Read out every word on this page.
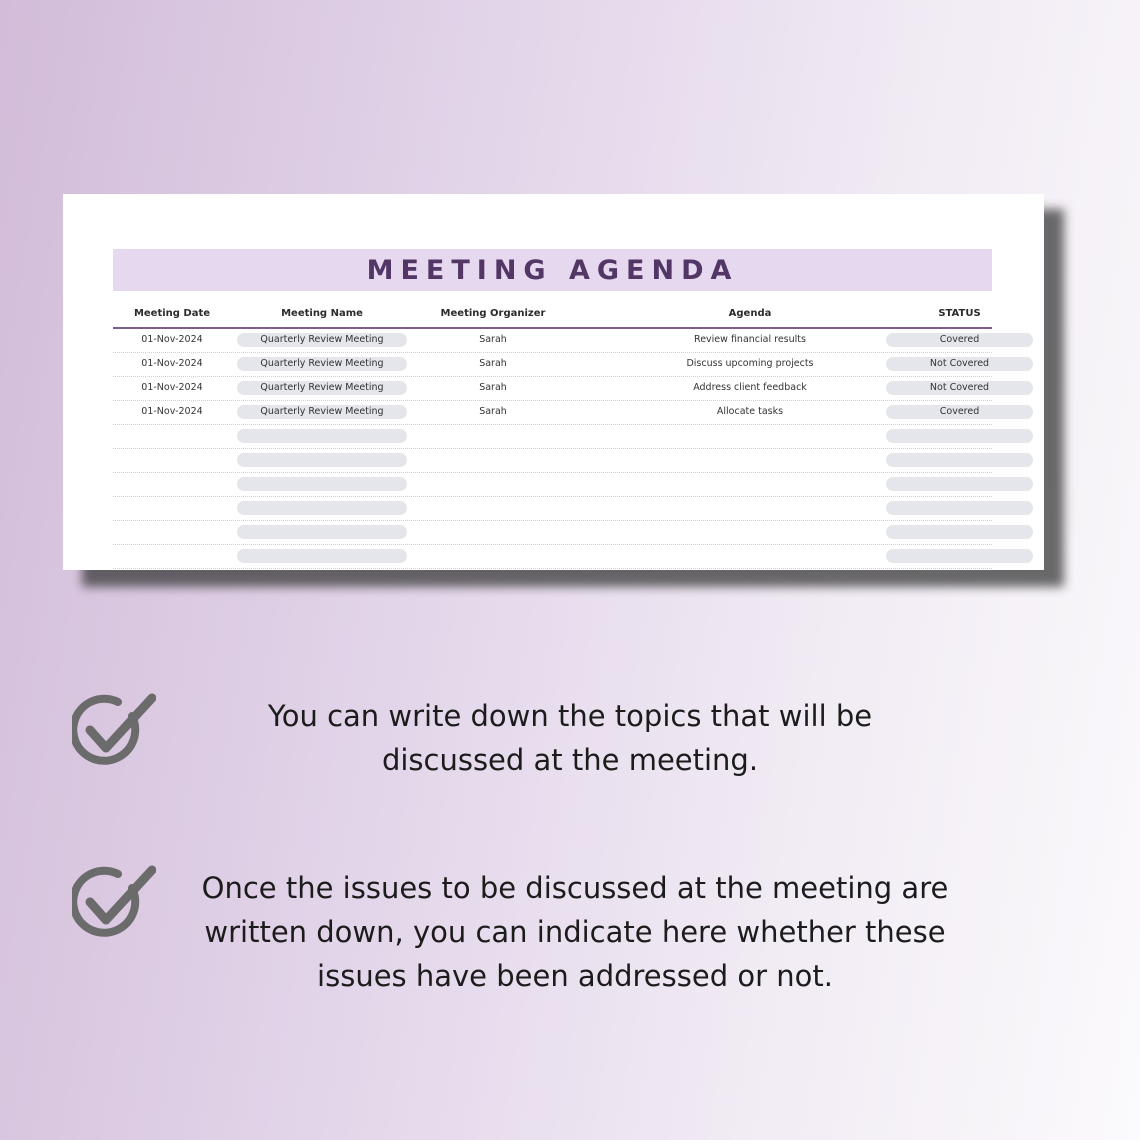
MEETING AGENDA
Meeting Date	Meeting Name	Meeting Organizer	Agenda	STATUS
01-Nov-2024	Quarterly Review Meeting	Sarah	Review financial results	Covered
01-Nov-2024	Quarterly Review Meeting	Sarah	Discuss upcoming projects	Not Covered
01-Nov-2024	Quarterly Review Meeting	Sarah	Address client feedback	Not Covered
01-Nov-2024	Quarterly Review Meeting	Sarah	Allocate tasks	Covered
You can write down the topics that will be
discussed at the meeting.
Once the issues to be discussed at the meeting are
written down, you can indicate here whether these
issues have been addressed or not.
